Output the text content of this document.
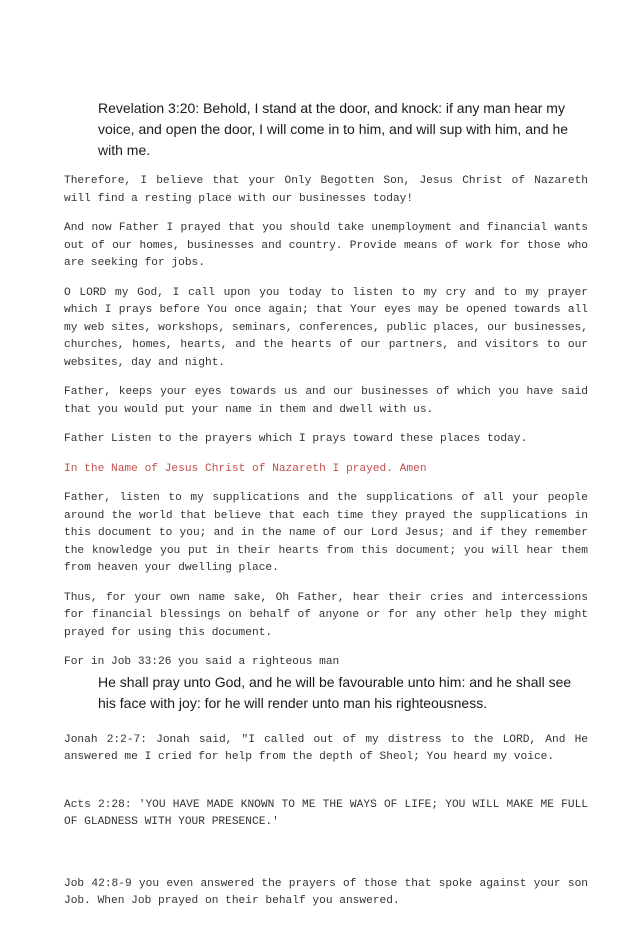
Revelation 3:20: Behold, I stand at the door, and knock: if any man hear my voice, and open the door, I will come in to him, and will sup with him, and he with me.

Therefore, I believe that your Only Begotten Son, Jesus Christ of Nazareth will find a resting place with our businesses today!

And now Father I prayed that you should take unemployment and financial wants out of our homes, businesses and country. Provide means of work for those who are seeking for jobs.

O LORD my God, I call upon you today to listen to my cry and to my prayer which I prays before You once again; that Your eyes may be opened towards all my web sites, workshops, seminars, conferences, public places, our businesses, churches, homes, hearts, and the hearts of our partners, and visitors to our websites, day and night.

Father, keeps your eyes towards us and our businesses of which you have said that you would put your name in them and dwell with us.

Father Listen to the prayers which I prays toward these places today.

In the Name of Jesus Christ of Nazareth I prayed. Amen

Father, listen to my supplications and the supplications of all your people around the world that believe that each time they prayed the supplications in this document to you; and in the name of our Lord Jesus; and if they remember the knowledge you put in their hearts from this document; you will hear them from heaven your dwelling place.

Thus, for your own name sake, Oh Father, hear their cries and intercessions for financial blessings on behalf of anyone or for any other help they might prayed for using this document.

For in Job 33:26 you said a righteous man

He shall pray unto God, and he will be favourable unto him: and he shall see his face with joy: for he will render unto man his righteousness.

Jonah 2:2-7: Jonah said, "I called out of my distress to the LORD, And He answered me I cried for help from the depth of Sheol; You heard my voice.

Acts 2:28: 'YOU HAVE MADE KNOWN TO ME THE WAYS OF LIFE; YOU WILL MAKE ME FULL OF GLADNESS WITH YOUR PRESENCE.'

Job 42:8-9 you even answered the prayers of those that spoke against your son Job. When Job prayed on their behalf you answered.
